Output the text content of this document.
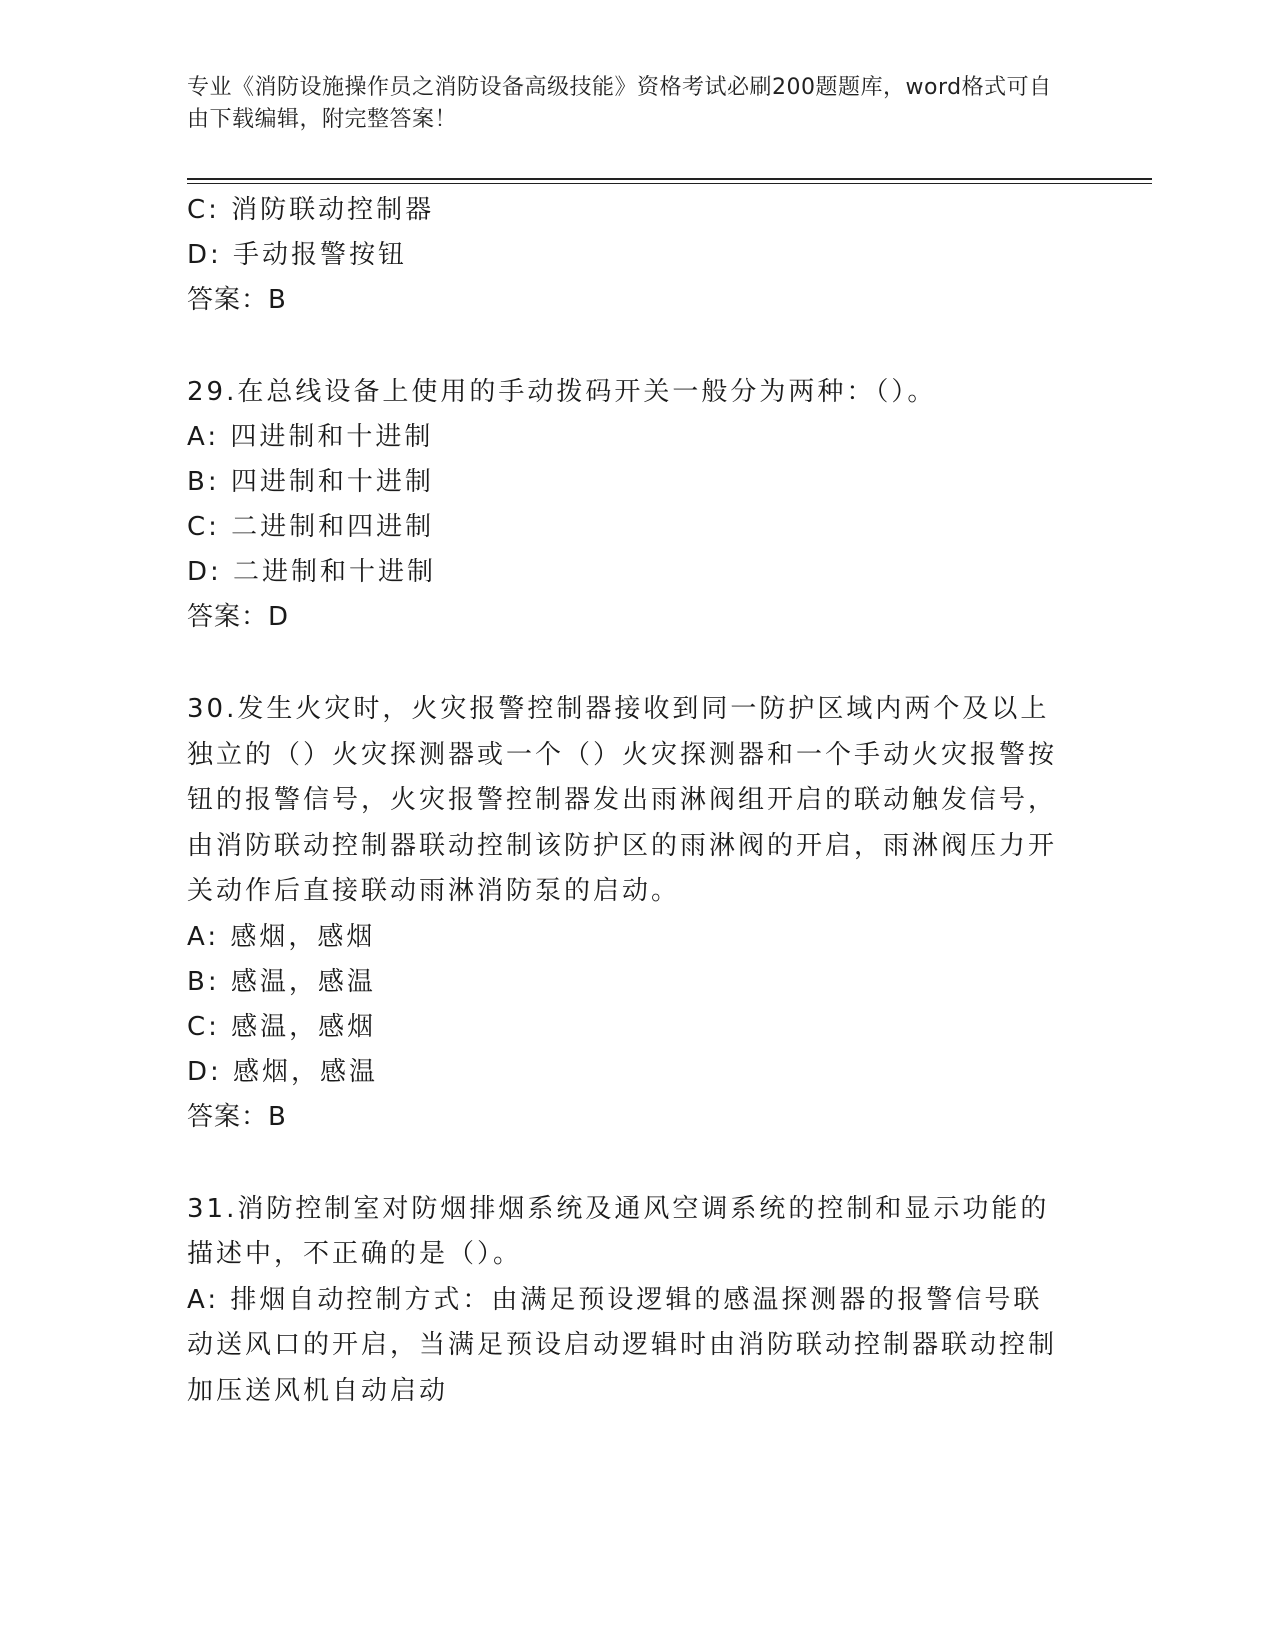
专业《消防设施操作员之消防设备高级技能》资格考试必刷200题题库，word格式可自由下载编辑，附完整答案！
C: 消防联动控制器
D: 手动报警按钮
答案：B
29.在总线设备上使用的手动拨码开关一般分为两种：（）。
A: 四进制和十进制
B: 四进制和十进制
C: 二进制和四进制
D: 二进制和十进制
答案：D
30.发生火灾时，火灾报警控制器接收到同一防护区域内两个及以上独立的（）火灾探测器或一个（）火灾探测器和一个手动火灾报警按钮的报警信号，火灾报警控制器发出雨淋阀组开启的联动触发信号，由消防联动控制器联动控制该防护区的雨淋阀的开启，雨淋阀压力开关动作后直接联动雨淋消防泵的启动。
A: 感烟，感烟
B: 感温，感温
C: 感温，感烟
D: 感烟，感温
答案：B
31.消防控制室对防烟排烟系统及通风空调系统的控制和显示功能的描述中，不正确的是（）。
A: 排烟自动控制方式：由满足预设逻辑的感温探测器的报警信号联动送风口的开启，当满足预设启动逻辑时由消防联动控制器联动控制加压送风机自动启动
